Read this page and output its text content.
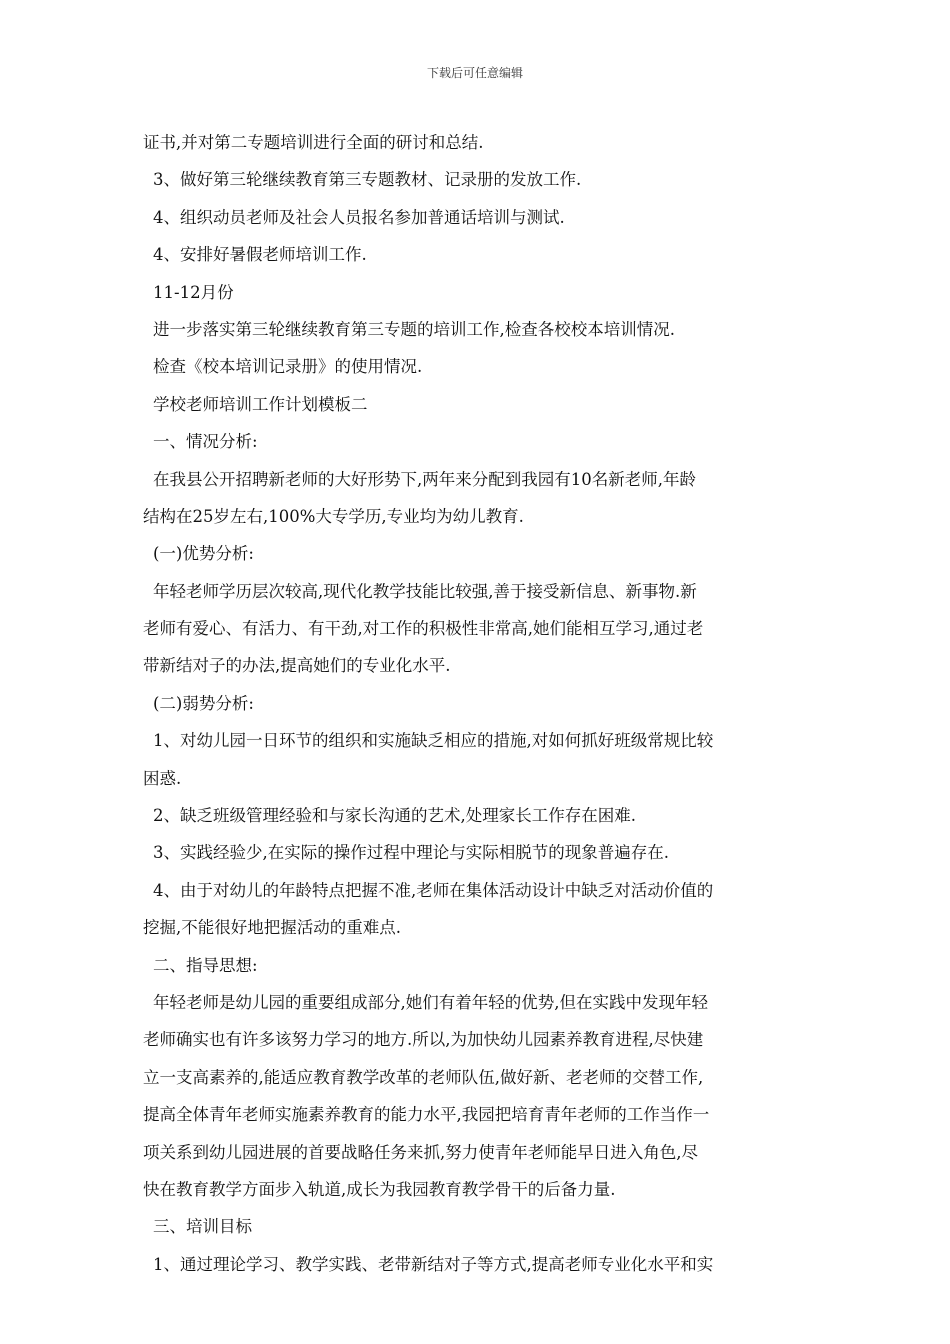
下载后可任意编辑
证书,并对第二专题培训进行全面的研讨和总结.
3、做好第三轮继续教育第三专题教材、记录册的发放工作.
4、组织动员老师及社会人员报名参加普通话培训与测试.
4、安排好暑假老师培训工作.
11-12月份
进一步落实第三轮继续教育第三专题的培训工作,检查各校校本培训情况.
检查《校本培训记录册》的使用情况.
学校老师培训工作计划模板二
一、情况分析:
在我县公开招聘新老师的大好形势下,两年来分配到我园有10名新老师,年龄
结构在25岁左右,100%大专学历,专业均为幼儿教育.
(一)优势分析:
年轻老师学历层次较高,现代化教学技能比较强,善于接受新信息、新事物.新
老师有爱心、有活力、有干劲,对工作的积极性非常高,她们能相互学习,通过老
带新结对子的办法,提高她们的专业化水平.
(二)弱势分析:
1、对幼儿园一日环节的组织和实施缺乏相应的措施,对如何抓好班级常规比较
困惑.
2、缺乏班级管理经验和与家长沟通的艺术,处理家长工作存在困难.
3、实践经验少,在实际的操作过程中理论与实际相脱节的现象普遍存在.
4、由于对幼儿的年龄特点把握不准,老师在集体活动设计中缺乏对活动价值的
挖掘,不能很好地把握活动的重难点.
二、指导思想:
年轻老师是幼儿园的重要组成部分,她们有着年轻的优势,但在实践中发现年轻
老师确实也有许多该努力学习的地方.所以,为加快幼儿园素养教育进程,尽快建
立一支高素养的,能适应教育教学改革的老师队伍,做好新、老老师的交替工作,
提高全体青年老师实施素养教育的能力水平,我园把培育青年老师的工作当作一
项关系到幼儿园进展的首要战略任务来抓,努力使青年老师能早日进入角色,尽
快在教育教学方面步入轨道,成长为我园教育教学骨干的后备力量.
三、培训目标
1、通过理论学习、教学实践、老带新结对子等方式,提高老师专业化水平和实
